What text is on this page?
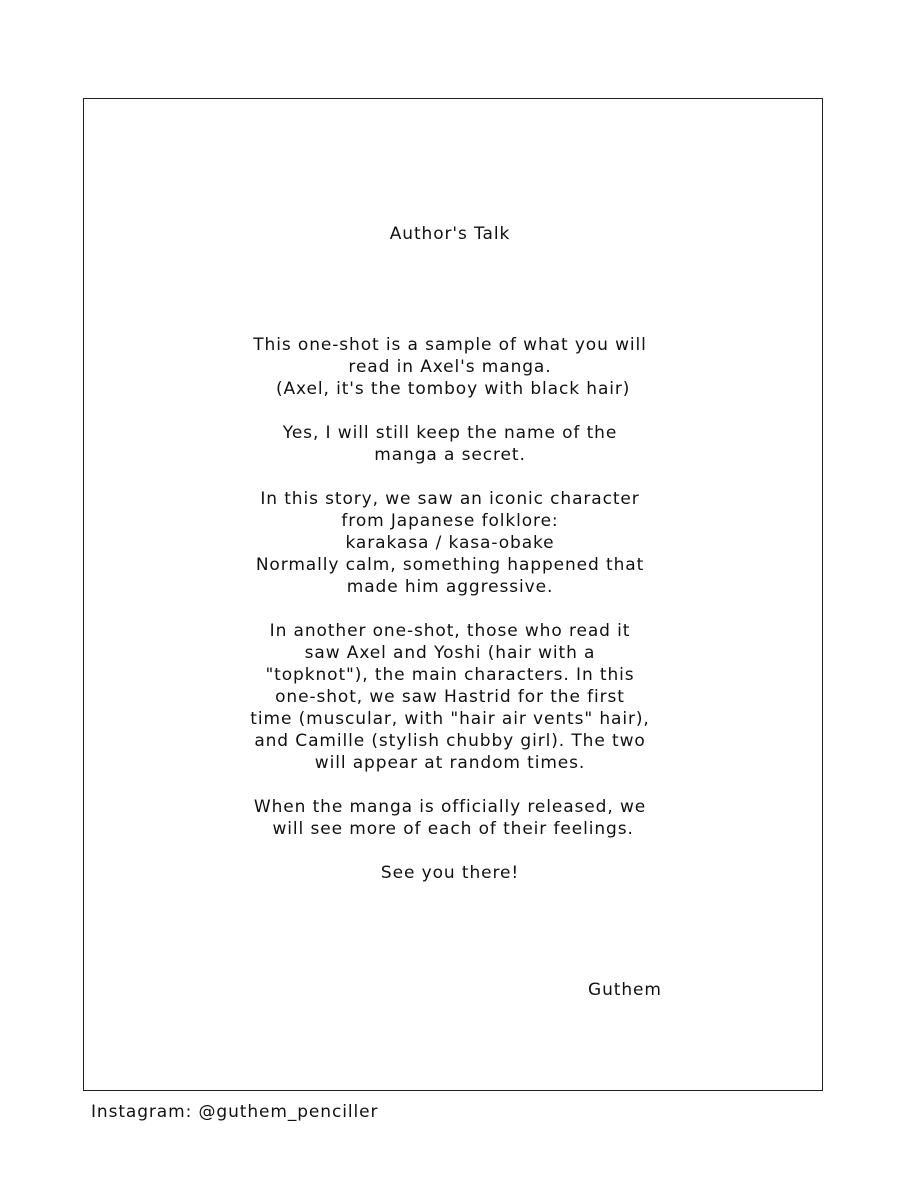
Author's Talk
This one-shot is a sample of what you will
read in Axel's manga.
(Axel, it's the tomboy with black hair)
Yes, I will still keep the name of the
manga a secret.
In this story, we saw an iconic character
from Japanese folklore:
karakasa / kasa-obake
Normally calm, something happened that
made him aggressive.
In another one-shot, those who read it
saw Axel and Yoshi (hair with a
"topknot"), the main characters. In this
one-shot, we saw Hastrid for the first
time (muscular, with "hair air vents" hair),
and Camille (stylish chubby girl). The two
will appear at random times.
When the manga is officially released, we
will see more of each of their feelings.
See you there!
Guthem
Instagram: @guthem_penciller
